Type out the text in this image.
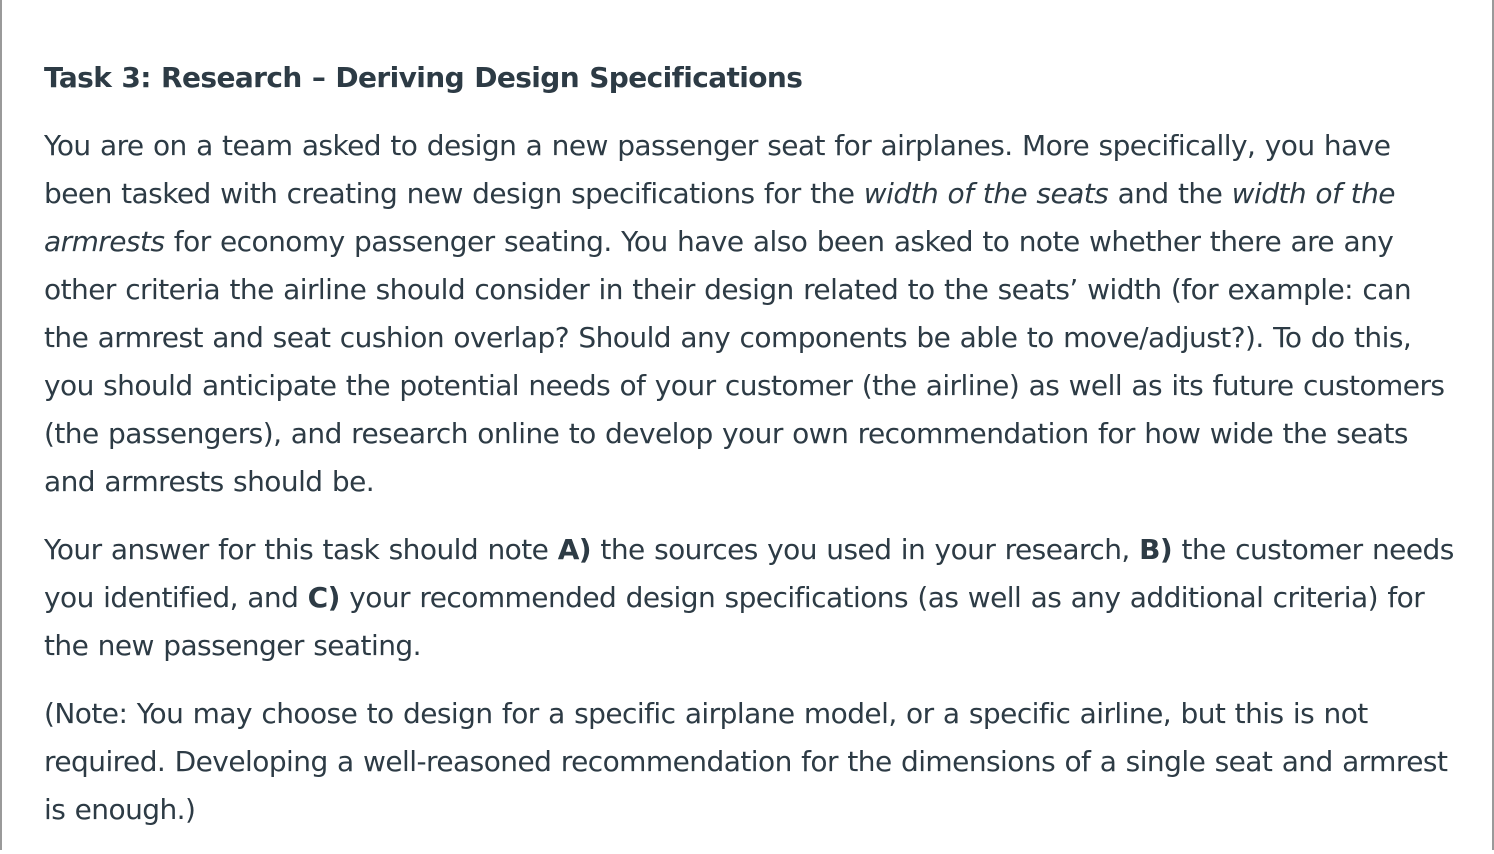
Task 3: Research – Deriving Design Specifications

You are on a team asked to design a new passenger seat for airplanes. More specifically, you have been tasked with creating new design specifications for the width of the seats and the width of the armrests for economy passenger seating. You have also been asked to note whether there are any other criteria the airline should consider in their design related to the seats’ width (for example: can the armrest and seat cushion overlap? Should any components be able to move/adjust?). To do this, you should anticipate the potential needs of your customer (the airline) as well as its future customers (the passengers), and research online to develop your own recommendation for how wide the seats and armrests should be.

Your answer for this task should note A) the sources you used in your research, B) the customer needs you identified, and C) your recommended design specifications (as well as any additional criteria) for the new passenger seating.

(Note: You may choose to design for a specific airplane model, or a specific airline, but this is not required. Developing a well-reasoned recommendation for the dimensions of a single seat and armrest is enough.)
